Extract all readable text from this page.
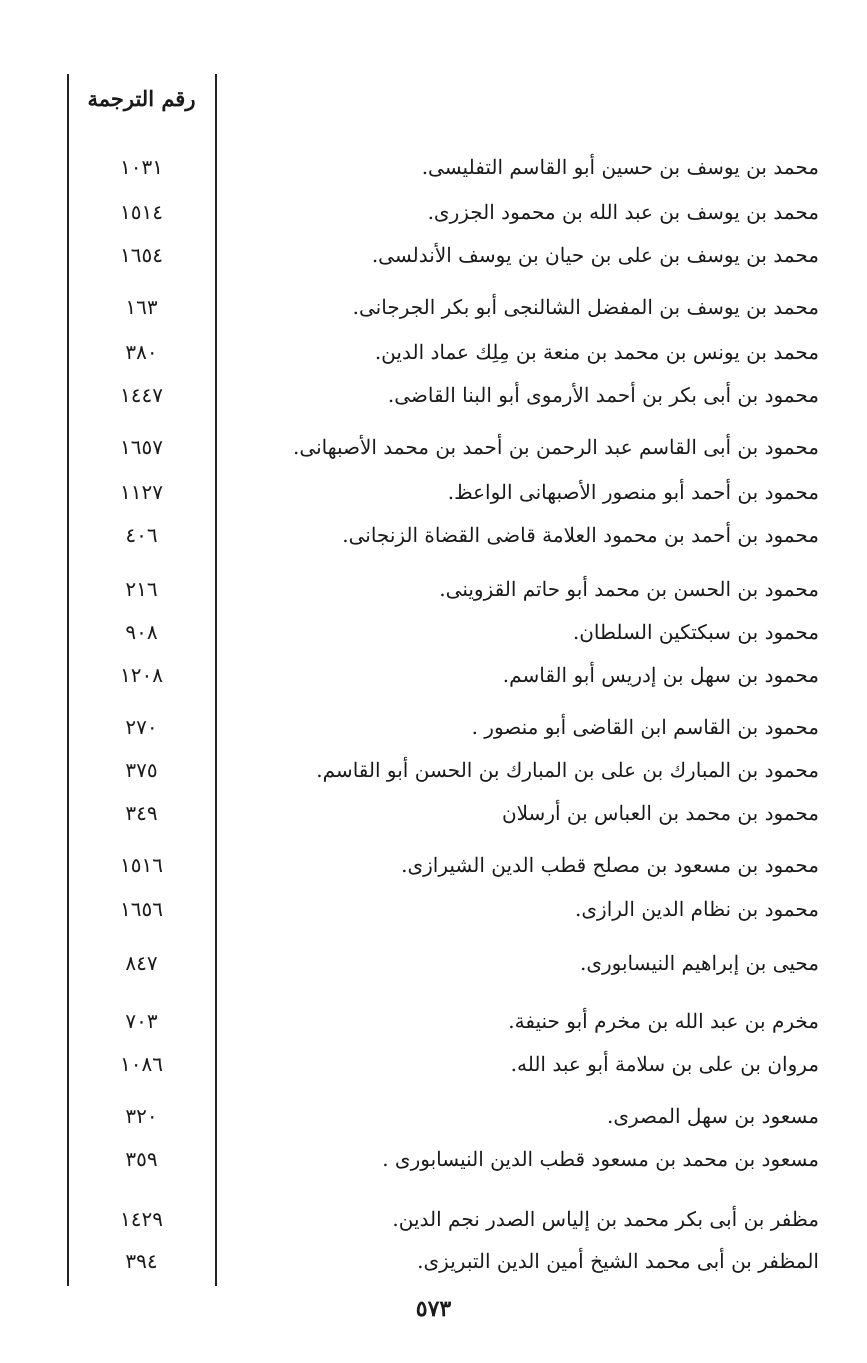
رقم الترجمة
١٠٣١	محمد بن يوسف بن حسين أبو القاسم التفليسى.
١٥١٤	محمد بن يوسف بن عبد الله بن محمود الجزرى.
١٦٥٤	محمد بن يوسف بن على بن حيان بن يوسف الأندلسى.
١٦٣	محمد بن يوسف بن المفضل الشالنجى أبو بكر الجرجانى.
٣٨٠	محمد بن يونس بن محمد بن منعة بن مِلِك عماد الدين.
١٤٤٧	محمود بن أبى بكر بن أحمد الأرموى أبو البنا القاضى.
١٦٥٧	محمود بن أبى القاسم عبد الرحمن بن أحمد بن محمد الأصبهانى.
١١٢٧	محمود بن أحمد أبو منصور الأصبهانى الواعظ.
٤٠٦	محمود بن أحمد بن محمود العلامة قاضى القضاة الزنجانى.
٢١٦	محمود بن الحسن بن محمد أبو حاتم القزوينى.
٩٠٨	محمود بن سبكتكين السلطان.
١٢٠٨	محمود بن سهل بن إدريس أبو القاسم.
٢٧٠	محمود بن القاسم ابن القاضى أبو منصور .
٣٧٥	محمود بن المبارك بن على بن المبارك بن الحسن أبو القاسم.
٣٤٩	محمود بن محمد بن العباس بن أرسلان
١٥١٦	محمود بن مسعود بن مصلح قطب الدين الشيرازى.
١٦٥٦	محمود بن نظام الدين الرازى.
٨٤٧	محيى بن إبراهيم النيسابورى.
٧٠٣	مخرم بن عبد الله بن مخرم أبو حنيفة.
١٠٨٦	مروان بن على بن سلامة أبو عبد الله.
٣٢٠	مسعود بن سهل المصرى.
٣٥٩	مسعود بن محمد بن مسعود قطب الدين النيسابورى .
١٤٢٩	مظفر بن أبى بكر محمد بن إلياس الصدر نجم الدين.
٣٩٤	المظفر بن أبى محمد الشيخ أمين الدين التبريزى.
٥٧٣
